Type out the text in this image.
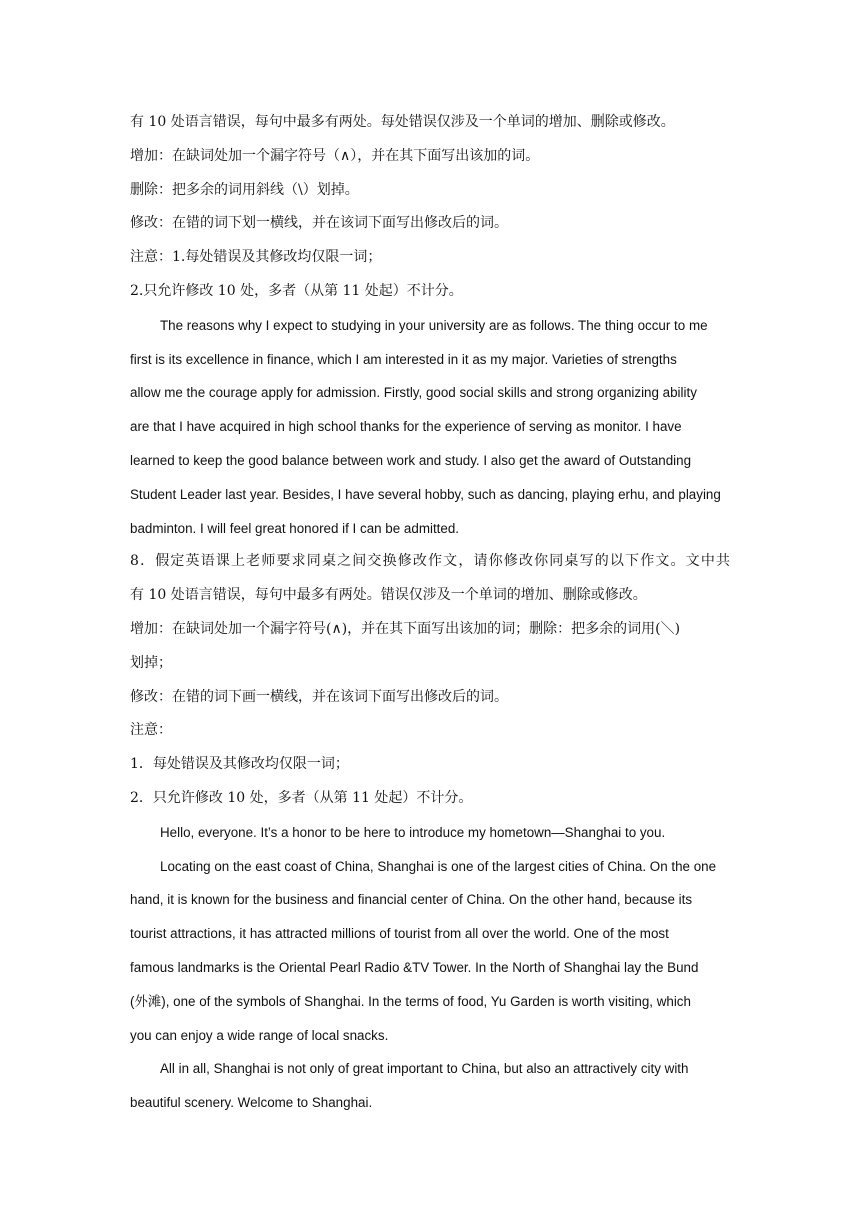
有 10 处语言错误，每句中最多有两处。每处错误仅涉及一个单词的增加、删除或修改。
增加：在缺词处加一个漏字符号（∧），并在其下面写出该加的词。
删除：把多余的词用斜线（\）划掉。
修改：在错的词下划一横线，并在该词下面写出修改后的词。
注意：1.每处错误及其修改均仅限一词；
2.只允许修改 10 处，多者（从第 11 处起）不计分。
The reasons why I expect to studying in your university are as follows. The thing occur to me
first is its excellence in finance, which I am interested in it as my major. Varieties of strengths
allow me the courage apply for admission. Firstly, good social skills and strong organizing ability
are that I have acquired in high school thanks for the experience of serving as monitor. I have
learned to keep the good balance between work and study. I also get the award of Outstanding
Student Leader last year. Besides, I have several hobby, such as dancing, playing erhu, and playing
badminton. I will feel great honored if I can be admitted.
8．假定英语课上老师要求同桌之间交换修改作文，请你修改你同桌写的以下作文。文中共
有 10 处语言错误，每句中最多有两处。错误仅涉及一个单词的增加、删除或修改。
增加：在缺词处加一个漏字符号(∧)，并在其下面写出该加的词；删除：把多余的词用(＼)
划掉；
修改：在错的词下画一横线，并在该词下面写出修改后的词。
注意：
1．每处错误及其修改均仅限一词；
2．只允许修改 10 处，多者（从第 11 处起）不计分。
Hello, everyone. It’s a honor to be here to introduce my hometown—Shanghai to you.
Locating on the east coast of China, Shanghai is one of the largest cities of China. On the one
hand, it is known for the business and financial center of China. On the other hand, because its
tourist attractions, it has attracted millions of tourist from all over the world. One of the most
famous landmarks is the Oriental Pearl Radio &TV Tower. In the North of Shanghai lay the Bund
(外滩), one of the symbols of Shanghai. In the terms of food, Yu Garden is worth visiting, which
you can enjoy a wide range of local snacks.
All in all, Shanghai is not only of great important to China, but also an attractively city with
beautiful scenery. Welcome to Shanghai.
